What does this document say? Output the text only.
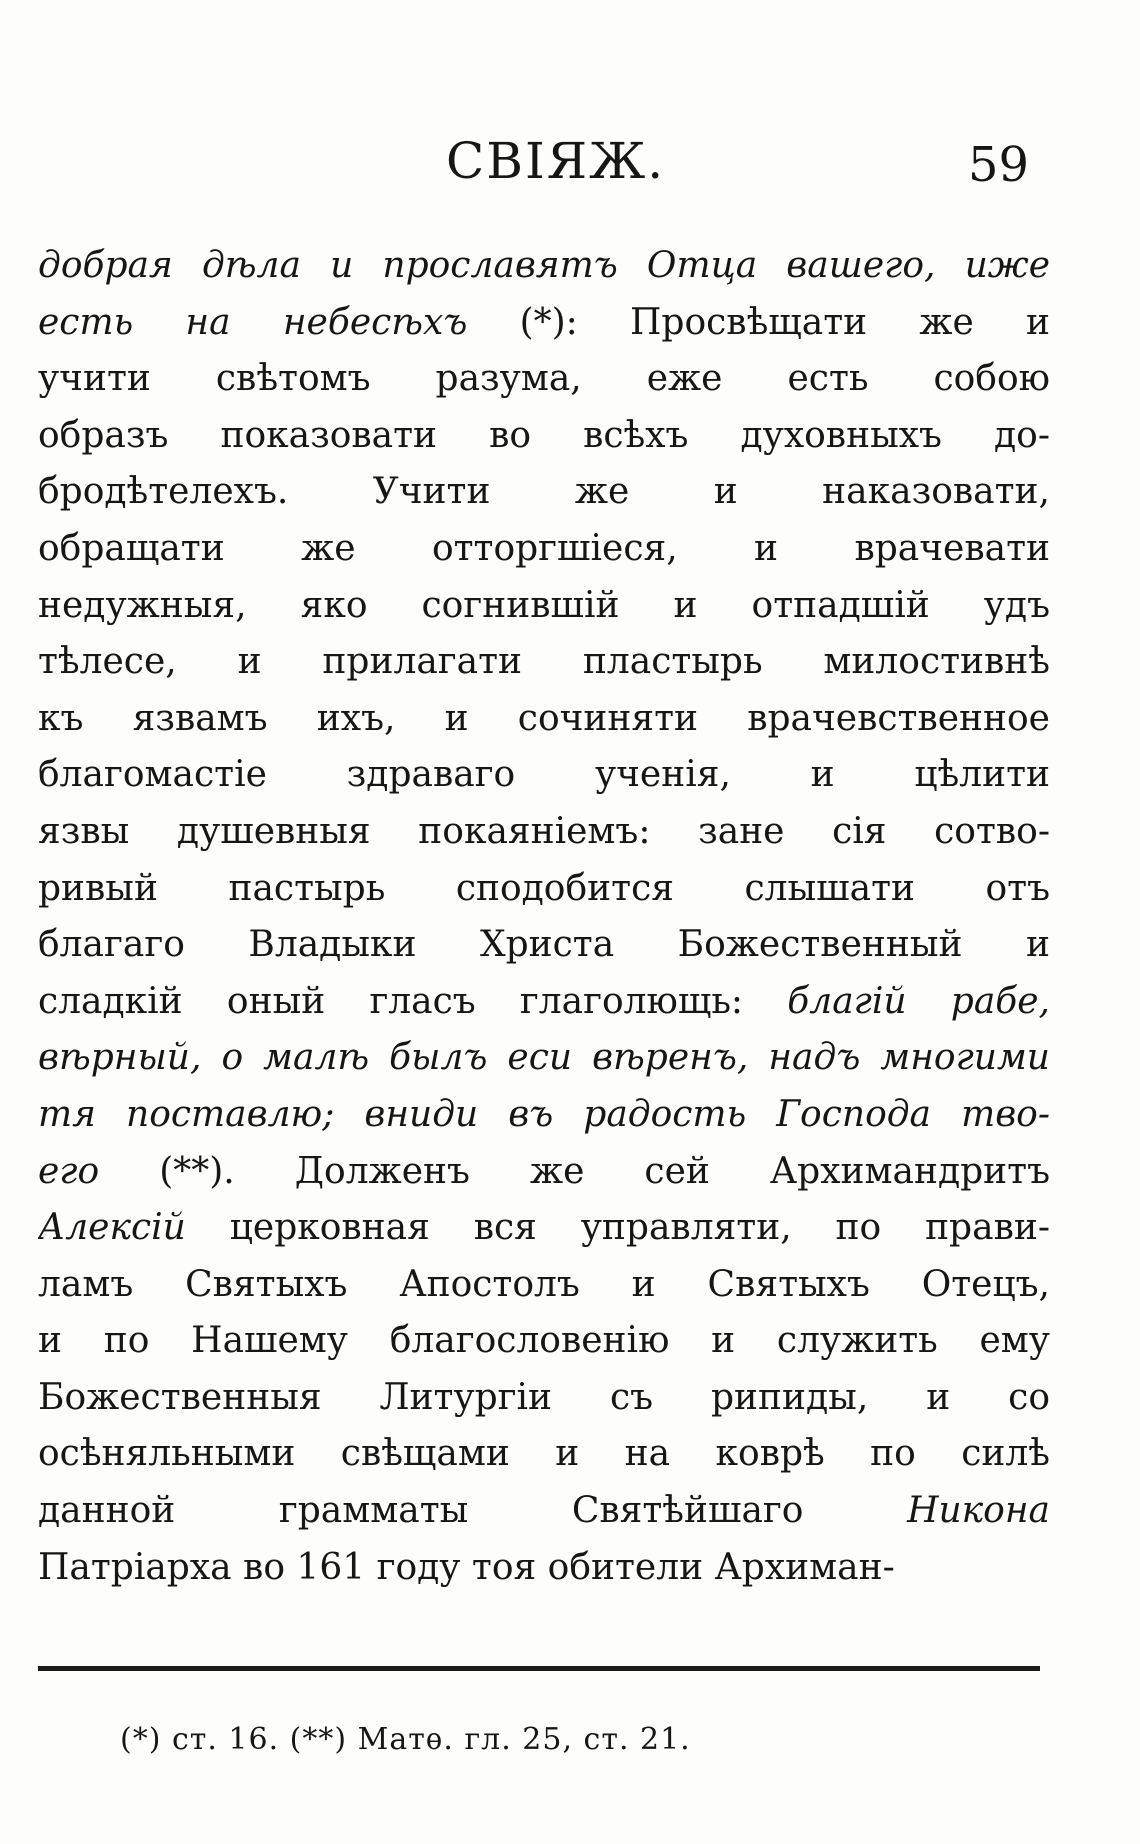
СВIЯЖ.	59
добрая дѣла и прославятъ Отца вашего, иже
есть на небесѣхъ (*): Просвѣщати же и
учити свѣтомъ разума, еже есть собою
образъ показовати во всѣхъ духовныхъ до-
бродѣтелехъ. Учити же и наказовати,
обращати же отторгшiеся, и врачевати
недужныя, яко согнившiй и отпадшiй удъ
тѣлесе, и прилагати пластырь милостивнѣ
къ язвамъ ихъ, и сочиняти врачевственное
благомастiе здраваго ученiя, и цѣлити
язвы душевныя покаянiемъ: зане сiя сотво-
ривый пастырь сподобится слышати отъ
благаго Владыки Христа Божественный и
сладкiй оный гласъ глаголющь: благiй рабе,
вѣрный, о малѣ былъ еси вѣренъ, надъ многими
тя поставлю; вниди въ радость Господа тво-
его (**). Долженъ же сей Архимандритъ
Алексiй церковная вся управляти, по прави-
ламъ Святыхъ Апостолъ и Святыхъ Отецъ,
и по Нашему благословенiю и служить ему
Божественныя Литургiи съ рипиды, и со
осѣняльными свѣщами и на коврѣ по силѣ
данной грамматы Святѣйшаго Никона
Патрiарха во 161 году тоя обители Архиман-
(*) ст. 16. (**) Матѳ. гл. 25, ст. 21.
